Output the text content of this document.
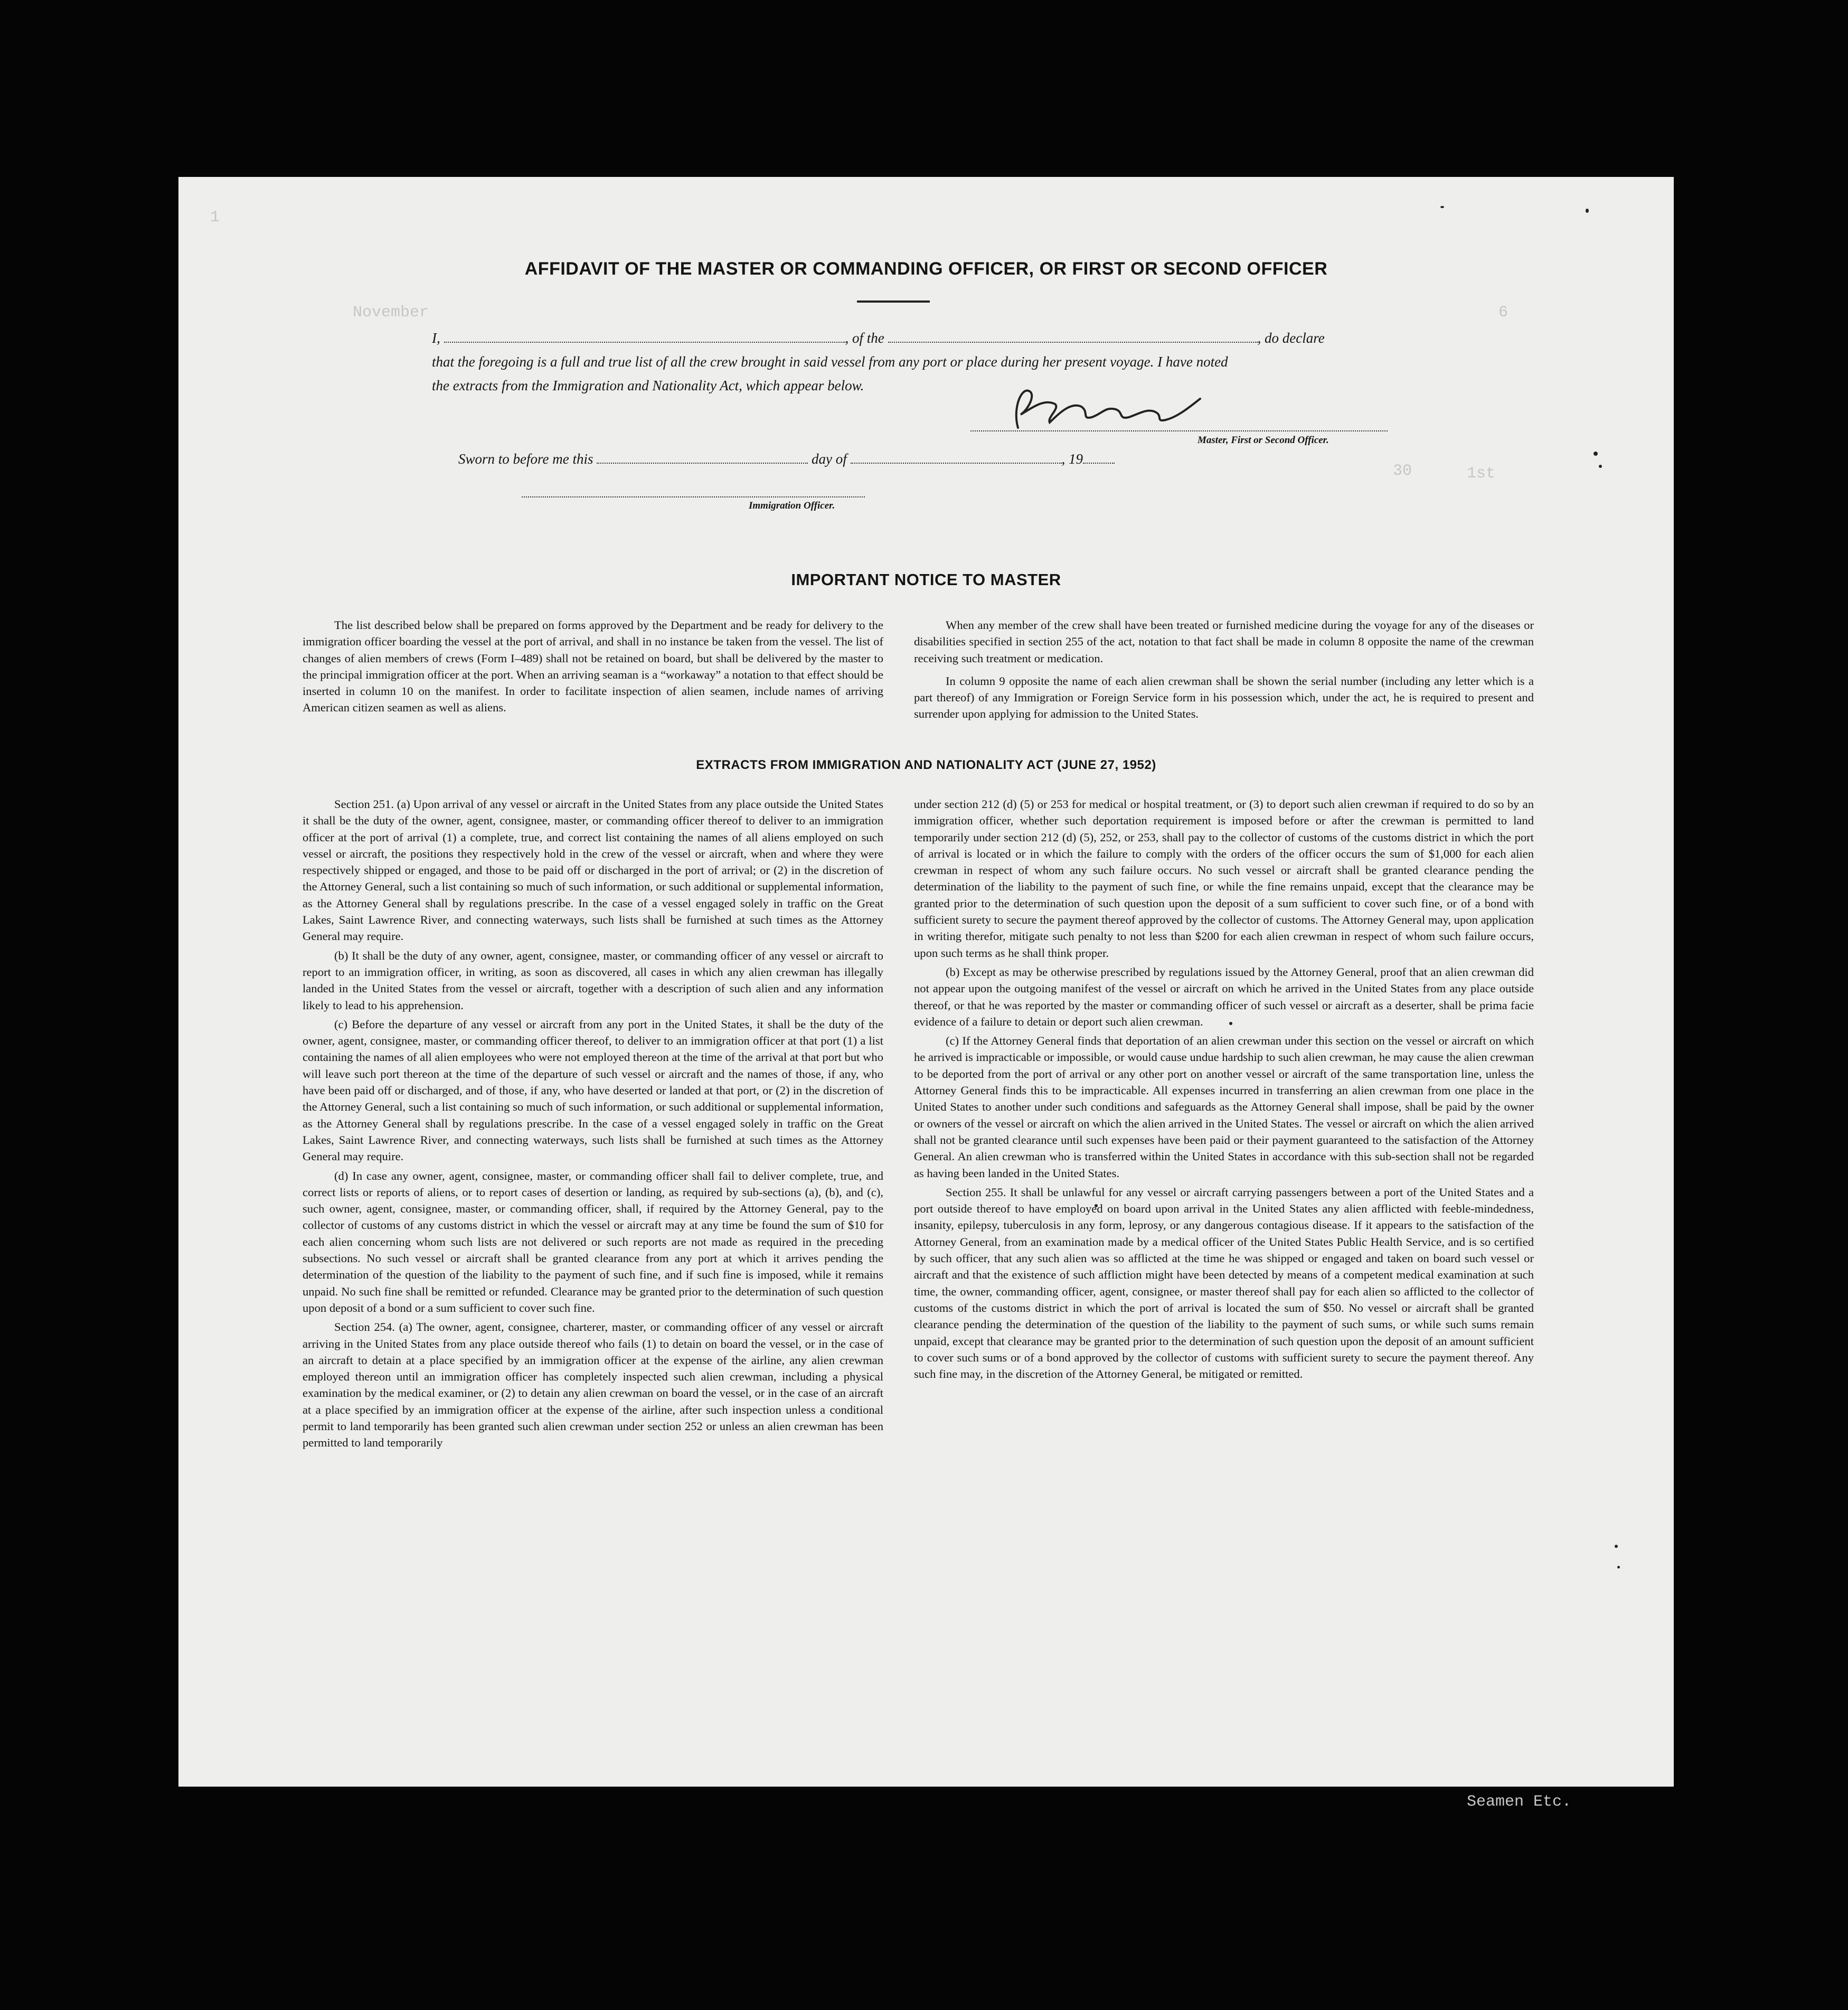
1
November	6
30	1st
Seamen Etc.
AFFIDAVIT OF THE MASTER OR COMMANDING OFFICER, OR FIRST OR SECOND OFFICER
I,	, of the	, do declare
that the foregoing is a full and true list of all the crew brought in said vessel from any port or place during her present voyage. I have noted
the extracts from the Immigration and Nationality Act, which appear below.
Master, First or Second Officer.
Sworn to before me this	day of	, 19
Immigration Officer.
IMPORTANT NOTICE TO MASTER

The list described below shall be prepared on forms approved by the Department and be ready for delivery to the immigration officer boarding the vessel at the port of arrival, and shall in no instance be taken from the vessel. The list of changes of alien members of crews (Form I–489) shall not be retained on board, but shall be delivered by the master to the principal immigration officer at the port. When an arriving seaman is a “workaway” a notation to that effect should be inserted in column 10 on the manifest. In order to facilitate inspection of alien seamen, include names of arriving American citizen seamen as well as aliens.

When any member of the crew shall have been treated or furnished medicine during the voyage for any of the diseases or disabilities specified in section 255 of the act, notation to that fact shall be made in column 8 opposite the name of the crewman receiving such treatment or medication.

In column 9 opposite the name of each alien crewman shall be shown the serial number (including any letter which is a part thereof) of any Immigration or Foreign Service form in his possession which, under the act, he is required to present and surrender upon applying for admission to the United States.

EXTRACTS FROM IMMIGRATION AND NATIONALITY ACT (JUNE 27, 1952)

Section 251. (a) Upon arrival of any vessel or aircraft in the United States from any place outside the United States it shall be the duty of the owner, agent, consignee, master, or commanding officer thereof to deliver to an immigration officer at the port of arrival (1) a complete, true, and correct list containing the names of all aliens employed on such vessel or aircraft, the positions they respectively hold in the crew of the vessel or aircraft, when and where they were respectively shipped or engaged, and those to be paid off or discharged in the port of arrival; or (2) in the discretion of the Attorney General, such a list containing so much of such information, or such additional or supplemental information, as the Attorney General shall by regulations prescribe. In the case of a vessel engaged solely in traffic on the Great Lakes, Saint Lawrence River, and connecting waterways, such lists shall be furnished at such times as the Attorney General may require.

(b) It shall be the duty of any owner, agent, consignee, master, or commanding officer of any vessel or aircraft to report to an immigration officer, in writing, as soon as discovered, all cases in which any alien crewman has illegally landed in the United States from the vessel or aircraft, together with a description of such alien and any information likely to lead to his apprehension.

(c) Before the departure of any vessel or aircraft from any port in the United States, it shall be the duty of the owner, agent, consignee, master, or commanding officer thereof, to deliver to an immigration officer at that port (1) a list containing the names of all alien employees who were not employed thereon at the time of the arrival at that port but who will leave such port thereon at the time of the departure of such vessel or aircraft and the names of those, if any, who have been paid off or discharged, and of those, if any, who have deserted or landed at that port, or (2) in the discretion of the Attorney General, such a list containing so much of such information, or such additional or supplemental information, as the Attorney General shall by regulations prescribe. In the case of a vessel engaged solely in traffic on the Great Lakes, Saint Lawrence River, and connecting waterways, such lists shall be furnished at such times as the Attorney General may require.

(d) In case any owner, agent, consignee, master, or commanding officer shall fail to deliver complete, true, and correct lists or reports of aliens, or to report cases of desertion or landing, as required by sub-sections (a), (b), and (c), such owner, agent, consignee, master, or commanding officer, shall, if required by the Attorney General, pay to the collector of customs of any customs district in which the vessel or aircraft may at any time be found the sum of $10 for each alien concerning whom such lists are not delivered or such reports are not made as required in the preceding subsections. No such vessel or aircraft shall be granted clearance from any port at which it arrives pending the determination of the question of the liability to the payment of such fine, and if such fine is imposed, while it remains unpaid. No such fine shall be remitted or refunded. Clearance may be granted prior to the determination of such question upon deposit of a bond or a sum sufficient to cover such fine.

Section 254. (a) The owner, agent, consignee, charterer, master, or commanding officer of any vessel or aircraft arriving in the United States from any place outside thereof who fails (1) to detain on board the vessel, or in the case of an aircraft to detain at a place specified by an immigration officer at the expense of the airline, any alien crewman employed thereon until an immigration officer has completely inspected such alien crewman, including a physical examination by the medical examiner, or (2) to detain any alien crewman on board the vessel, or in the case of an aircraft at a place specified by an immigration officer at the expense of the airline, after such inspection unless a conditional permit to land temporarily has been granted such alien crewman under section 252 or unless an alien crewman has been permitted to land temporarily

under section 212 (d) (5) or 253 for medical or hospital treatment, or (3) to deport such alien crewman if required to do so by an immigration officer, whether such deportation requirement is imposed before or after the crewman is permitted to land temporarily under section 212 (d) (5), 252, or 253, shall pay to the collector of customs of the customs district in which the port of arrival is located or in which the failure to comply with the orders of the officer occurs the sum of $1,000 for each alien crewman in respect of whom any such failure occurs. No such vessel or aircraft shall be granted clearance pending the determination of the liability to the payment of such fine, or while the fine remains unpaid, except that the clearance may be granted prior to the determination of such question upon the deposit of a sum sufficient to cover such fine, or of a bond with sufficient surety to secure the payment thereof approved by the collector of customs. The Attorney General may, upon application in writing therefor, mitigate such penalty to not less than $200 for each alien crewman in respect of whom such failure occurs, upon such terms as he shall think proper.

(b) Except as may be otherwise prescribed by regulations issued by the Attorney General, proof that an alien crewman did not appear upon the outgoing manifest of the vessel or aircraft on which he arrived in the United States from any place outside thereof, or that he was reported by the master or commanding officer of such vessel or aircraft as a deserter, shall be prima facie evidence of a failure to detain or deport such alien crewman.

(c) If the Attorney General finds that deportation of an alien crewman under this section on the vessel or aircraft on which he arrived is impracticable or impossible, or would cause undue hardship to such alien crewman, he may cause the alien crewman to be deported from the port of arrival or any other port on another vessel or aircraft of the same transportation line, unless the Attorney General finds this to be impracticable. All expenses incurred in transferring an alien crewman from one place in the United States to another under such conditions and safeguards as the Attorney General shall impose, shall be paid by the owner or owners of the vessel or aircraft on which the alien arrived in the United States. The vessel or aircraft on which the alien arrived shall not be granted clearance until such expenses have been paid or their payment guaranteed to the satisfaction of the Attorney General. An alien crewman who is transferred within the United States in accordance with this sub-section shall not be regarded as having been landed in the United States.

Section 255. It shall be unlawful for any vessel or aircraft carrying passengers between a port of the United States and a port outside thereof to have employed on board upon arrival in the United States any alien afflicted with feeble-mindedness, insanity, epilepsy, tuberculosis in any form, leprosy, or any dangerous contagious disease. If it appears to the satisfaction of the Attorney General, from an examination made by a medical officer of the United States Public Health Service, and is so certified by such officer, that any such alien was so afflicted at the time he was shipped or engaged and taken on board such vessel or aircraft and that the existence of such affliction might have been detected by means of a competent medical examination at such time, the owner, commanding officer, agent, consignee, or master thereof shall pay for each alien so afflicted to the collector of customs of the customs district in which the port of arrival is located the sum of $50. No vessel or aircraft shall be granted clearance pending the determination of the question of the liability to the payment of such sums, or while such sums remain unpaid, except that clearance may be granted prior to the determination of such question upon the deposit of an amount sufficient to cover such sums or of a bond approved by the collector of customs with sufficient surety to secure the payment thereof. Any such fine may, in the discretion of the Attorney General, be mitigated or remitted.
